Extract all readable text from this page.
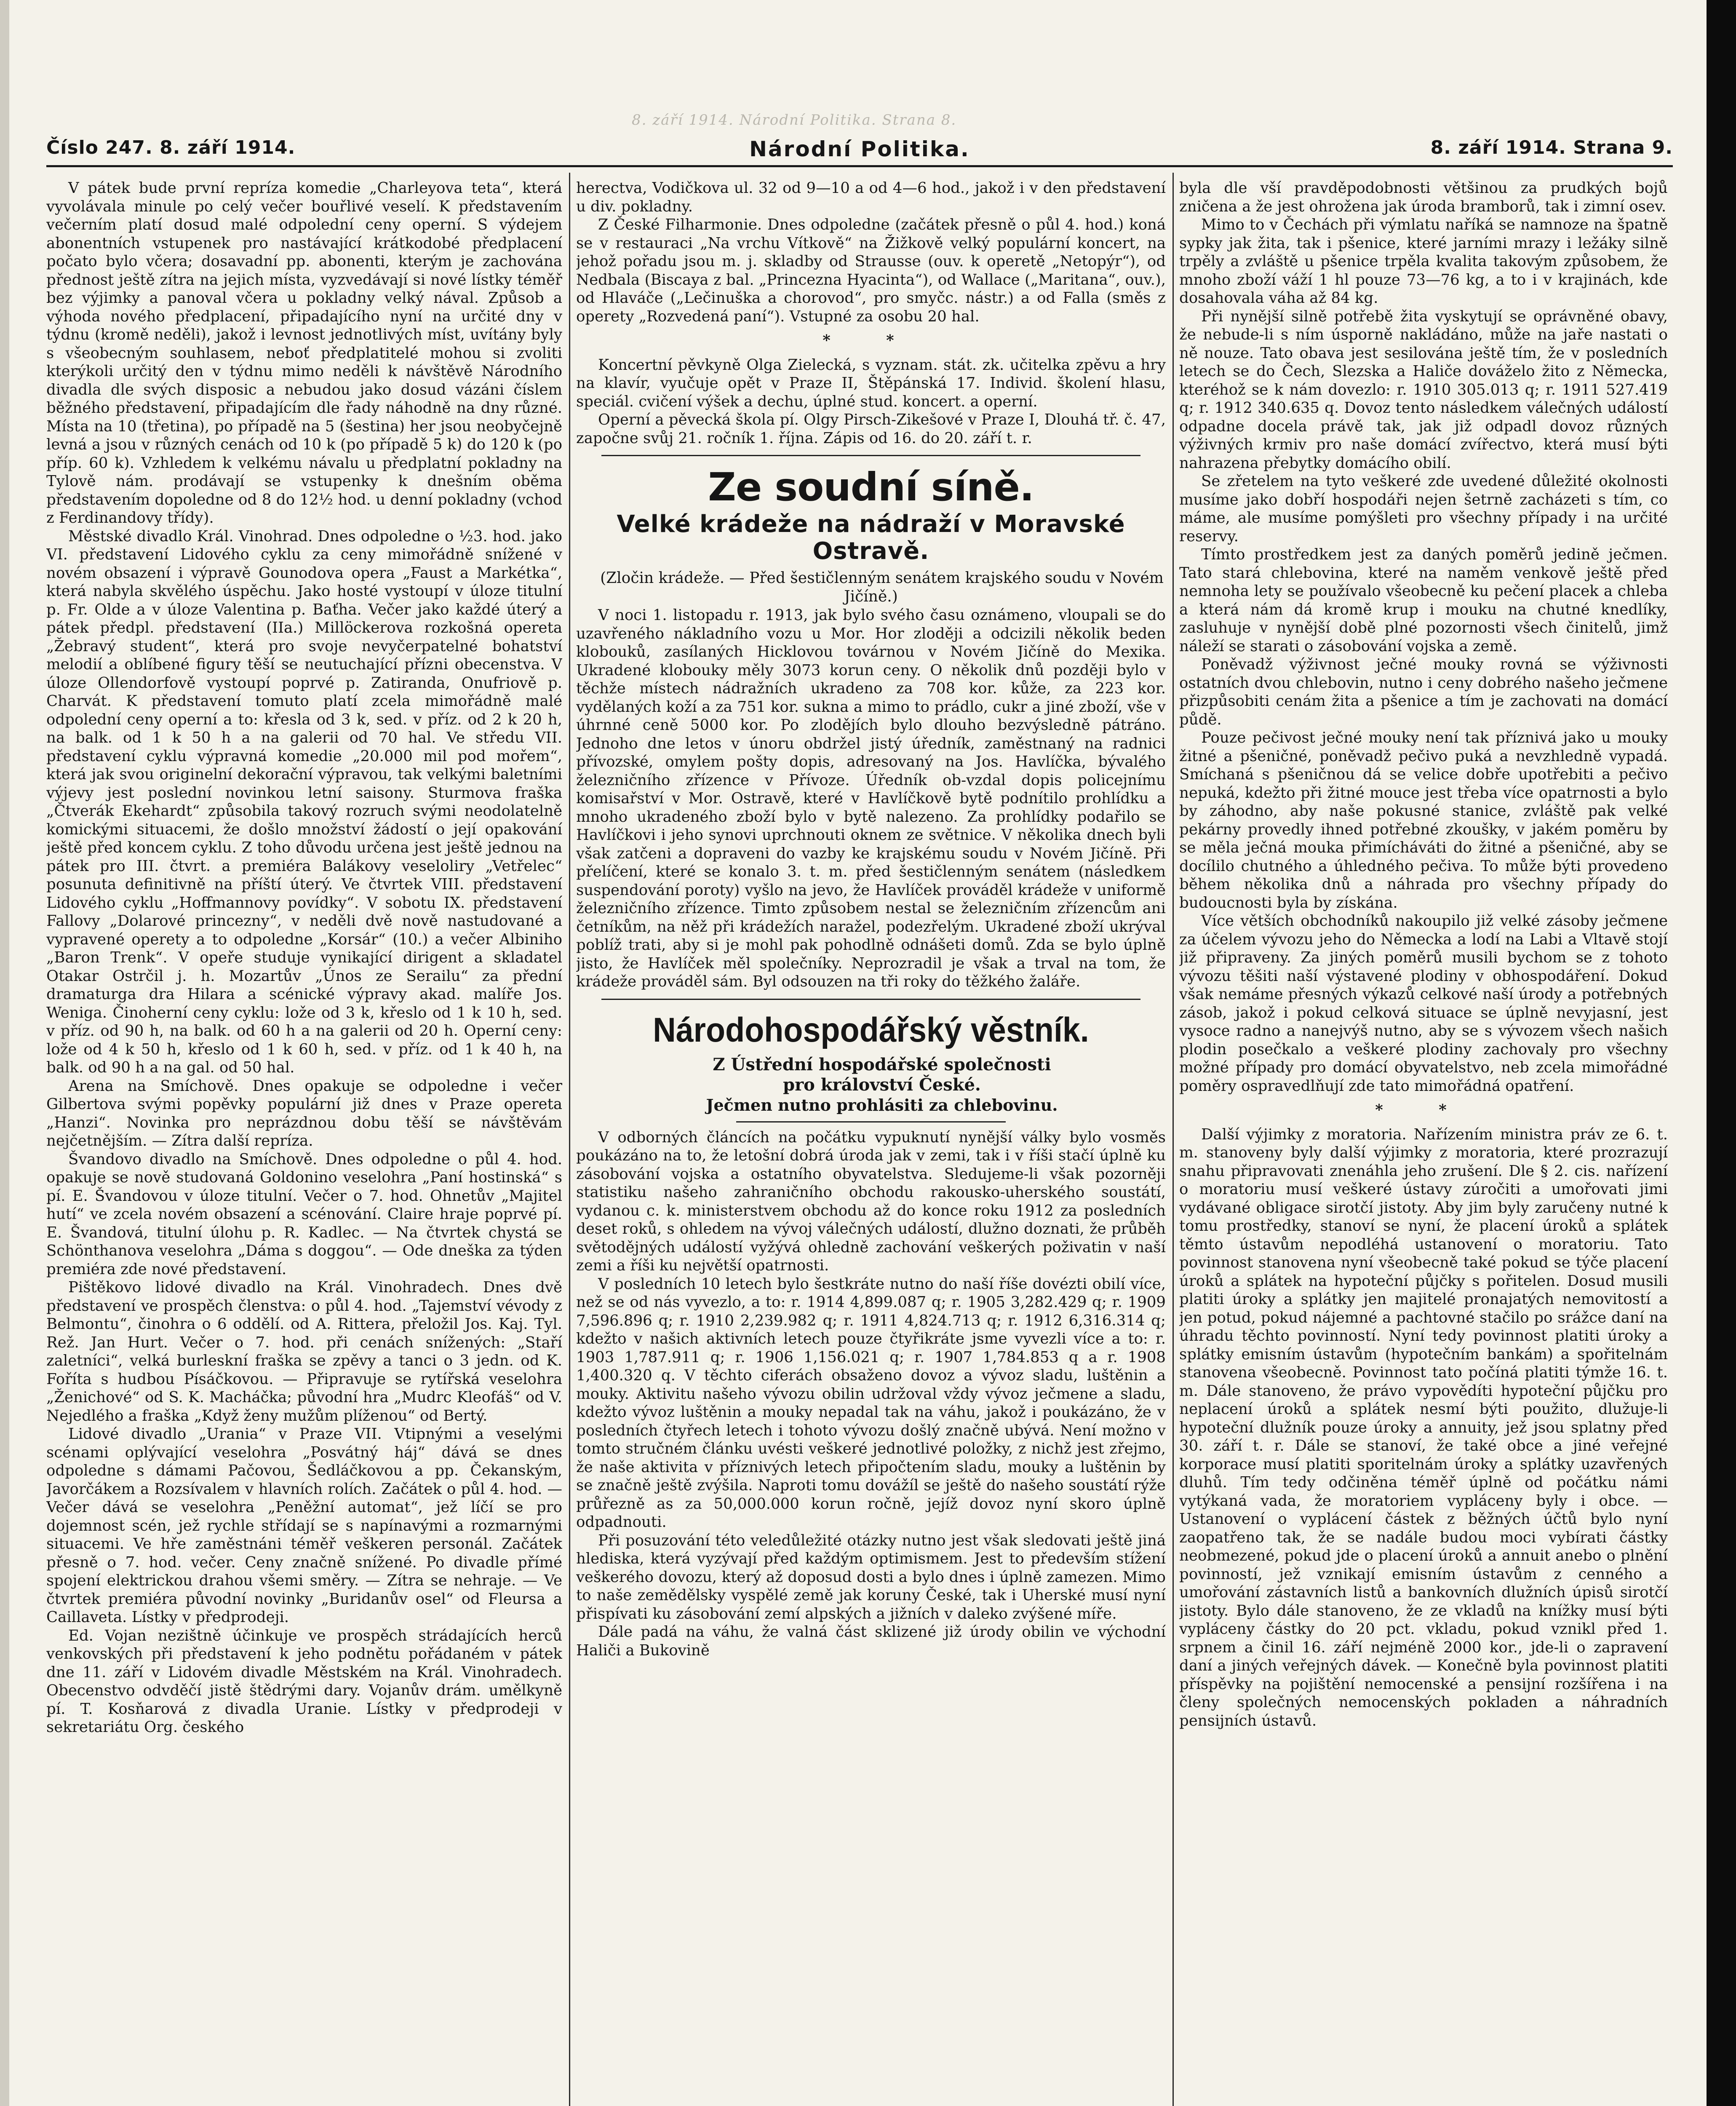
8. září 1914. Národní Politika. Strana 8.
Číslo 247. 8. září 1914.	Národní Politika.	8. září 1914. Strana 9.

V pátek bude první repríza komedie „Charleyova teta“, která vyvolávala minule po celý večer bouřlivé veselí. K představením večerním platí dosud malé odpolední ceny operní. S výdejem abonentních vstupenek pro nastávající krátkodobé předplacení počato bylo včera; dosavadní pp. abonenti, kterým je zachována přednost ještě zítra na jejich místa, vyzvedávají si nové lístky téměř bez výjimky a panoval včera u pokladny velký nával. Způsob a výhoda nového předplacení, připadajícího nyní na určité dny v týdnu (kromě neděli), jakož i levnost jednotlivých míst, uvítány byly s všeobecným souhlasem, neboť předplatitelé mohou si zvoliti kterýkoli určitý den v týdnu mimo neděli k návštěvě Národního divadla dle svých disposic a nebudou jako dosud vázáni číslem běžného představení, připadajícím dle řady náhodně na dny různé. Místa na 10 (třetina), po případě na 5 (šestina) her jsou neobyčejně levná a jsou v různých cenách od 10 k (po případě 5 k) do 120 k (po příp. 60 k). Vzhledem k velkému návalu u předplatní pokladny na Tylově nám. prodávají se vstupenky k dnešním oběma představením dopoledne od 8 do 12½ hod. u denní pokladny (vchod z Ferdinandovy třídy).

Městské divadlo Král. Vinohrad. Dnes odpoledne o ½3. hod. jako VI. představení Lidového cyklu za ceny mimořádně snížené v novém obsazení i výpravě Gounodova opera „Faust a Markétka“, která nabyla skvělého úspěchu. Jako hosté vystoupí v úloze titulní p. Fr. Olde a v úloze Valentina p. Baťha. Večer jako každé úterý a pátek předpl. představení (IIa.) Millöckerova rozkošná opereta „Žebravý student“, která pro svoje nevyčerpatelné bohatství melodií a oblíbené figury těší se neutuchající přízni obecenstva. V úloze Ollendorfově vystoupí poprvé p. Zatiranda, Onufriově p. Charvát. K představení tomuto platí zcela mimořádně malé odpolední ceny operní a to: křesla od 3 k, sed. v příz. od 2 k 20 h, na balk. od 1 k 50 h a na galerii od 70 hal. Ve středu VII. představení cyklu výpravná komedie „20.000 mil pod mořem“, která jak svou originelní dekorační výpravou, tak velkými baletními výjevy jest poslední novinkou letní saisony. Sturmova fraška „Čtverák Ekehardt“ způsobila takový rozruch svými neodolatelně komickými situacemi, že došlo množství žádostí o její opakování ještě před koncem cyklu. Z toho důvodu určena jest ještě jednou na pátek pro III. čtvrt. a premiéra Balákovy veseloliry „Vetřelec“ posunuta definitivně na příští úterý. Ve čtvrtek VIII. představení Lidového cyklu „Hoffmannovy povídky“. V sobotu IX. představení Fallovy „Dolarové princezny“, v neděli dvě nově nastudované a vypravené operety a to odpoledne „Korsár“ (10.) a večer Albiniho „Baron Trenk“. V opeře studuje vynikající dirigent a skladatel Otakar Ostrčil j. h. Mozartův „Únos ze Serailu“ za přední dramaturga dra Hilara a scénické výpravy akad. malíře Jos. Wenigа. Činoherní ceny cyklu: lože od 3 k, křeslo od 1 k 10 h, sed. v příz. od 90 h, na balk. od 60 h a na galerii od 20 h. Operní ceny: lože od 4 k 50 h, křeslo od 1 k 60 h, sed. v příz. od 1 k 40 h, na balk. od 90 h a na gal. od 50 hal.

Arena na Smíchově. Dnes opakuje se odpoledne i večer Gilbertova svými popěvky populární již dnes v Praze opereta „Hanzi“. Novinka pro neprázdnou dobu těší se návštěvám nejčetnějším. — Zítra další repríza.

Švandovo divadlo na Smíchově. Dnes odpoledne o půl 4. hod. opakuje se nově studovaná Goldonino veselohra „Paní hostinská“ s pí. E. Švandovou v úloze titulní. Večer o 7. hod. Ohnetův „Majitel hutí“ ve zcela novém obsazení a scénování. Claire hraje poprvé pí. E. Švandová, titulní úlohu p. R. Kadlec. — Na čtvrtek chystá se Schönthanova veselohra „Dáma s doggou“. — Ode dneška za týden premiéra zde nové představení.

Pištěkovo lidové divadlo na Král. Vinohradech. Dnes dvě představení ve prospěch členstva: o půl 4. hod. „Tajemství vévody z Belmontu“, činohra o 6 oddělí. od A. Rittera, přeložil Jos. Kaj. Tyl. Rež. Jan Hurt. Večer o 7. hod. při cenách snížených: „Staří zaletníci“, velká burleskní fraška se zpěvy a tanci o 3 jedn. od K. Foříta s hudbou Písáčkovou. — Připravuje se rytířská veselohra „Ženichové“ od S. K. Macháčka; původní hra „Mudrc Kleofáš“ od V. Nejedlého a fraška „Když ženy mužům plíženou“ od Bertý.

Lidové divadlo „Urania“ v Praze VII. Vtipnými a veselými scénami oplývající veselohra „Posvátný háj“ dává se dnes odpoledne s dámami Pačovou, Šedláčkovou a pp. Čekanským, Javorčákem a Rozsívalem v hlavních rolích. Začátek o půl 4. hod. — Večer dává se veselohra „Peněžní automat“, jež líčí se pro dojemnost scén, jež rychle střídají se s napínavými a rozmarnými situacemi. Ve hře zaměstnáni téměř veškeren personál. Začátek přesně o 7. hod. večer. Ceny značně snížené. Po divadle přímé spojení elektrickou drahou všemi směry. — Zítra se nehraje. — Ve čtvrtek premiéra původní novinky „Buridanův osel“ od Fleursa a Caillaveta. Lístky v předprodeji.

Ed. Vojan nezištně účinkuje ve prospěch strádajících herců venkovských při představení k jeho podnětu pořádaném v pátek dne 11. září v Lidovém divadle Městském na Král. Vinohradech. Obecenstvo odvděčí jistě štědrými dary. Vojanův drám. umělkyně pí. T. Kosňarová z divadla Uranie. Lístky v předprodeji v sekretariátu Org. českého

herectva, Vodičkova ul. 32 od 9—10 a od 4—6 hod., jakož i v den představení u div. pokladny.

Z České Filharmonie. Dnes odpoledne (začátek přesně o půl 4. hod.) koná se v restauraci „Na vrchu Vítkově“ na Žižkově velký populární koncert, na jehož pořadu jsou m. j. skladby od Strausse (ouv. k operetě „Netopýr“), od Nedbala (Biscaya z bal. „Princezna Hyacinta“), od Wallace („Maritana“, ouv.), od Hlaváče („Lečinuška a chorovod“, pro smyčc. nástr.) a od Falla (směs z operety „Rozvedená paní“). Vstupné za osobu 20 hal.

* *

Koncertní pěvkyně Olga Zielecká, s vyznam. stát. zk. učitelka zpěvu a hry na klavír, vyučuje opět v Praze II, Štěpánská 17. Individ. školení hlasu, speciál. cvičení výšek a dechu, úplné stud. koncert. a operní.

Operní a pěvecká škola pí. Olgy Pirsch-Zikešové v Praze I, Dlouhá tř. č. 47, započne svůj 21. ročník 1. října. Zápis od 16. do 20. září t. r.

Ze soudní síně.
Velké krádeže na nádraží v Moravské Ostravě.

(Zločin krádeže. — Před šestičlenným senátem krajského soudu v Novém Jičíně.)

V noci 1. listopadu r. 1913, jak bylo svého času oznámeno, vloupali se do uzavřeného nákladního vozu u Mor. Hor zloději a odcizili několik beden klobouků, zasílaných Hicklovou továrnou v Novém Jičíně do Mexika. Ukradené klobouky měly 3073 korun ceny. O několik dnů později bylo v těchže místech nádražních ukradeno za 708 kor. kůže, za 223 kor. vydělaných koží a za 751 kor. sukna a mimo to prádlo, cukr a jiné zboží, vše v úhrnné ceně 5000 kor. Po zlodějích bylo dlouho bezvýsledně pátráno. Jednoho dne letos v únoru obdržel jistý úředník, zaměstnaný na radnici přívozské, omylem pošty dopis, adresovaný na Jos. Havlíčka, bývalého železničního zřízence v Přívoze. Úředník ob-vzdal dopis policejnímu komisařství v Mor. Ostravě, které v Havlíčkově bytě podnítilo prohlídku a mnoho ukradeného zboží bylo v bytě nalezeno. Za prohlídky podařilo se Havlíčkovi i jeho synovi uprchnouti oknem ze světnice. V několika dnech byli však zatčeni a dopraveni do vazby ke krajskému soudu v Novém Jičíně. Při přelíčení, které se konalo 3. t. m. před šestičlenným senátem (následkem suspendování poroty) vyšlo na jevo, že Havlíček prováděl krádeže v uniformě železničního zřízence. Timto způsobem nestal se železničním zřízencům ani četníkům, na něž při krádežích naražel, podezřelým. Ukradené zboží ukrýval poblíž trati, aby si je mohl pak pohodlně odnášeti domů. Zda se bylo úplně jisto, že Havlíček měl společníky. Neprozradil je však a trval na tom, že krádeže prováděl sám. Byl odsouzen na tři roky do těžkého žaláře.

Národohospodářský věstník.

Z Ústřední hospodářské společnosti

pro království České.

Ječmen nutno prohlásiti za chlebovinu.

V odborných článcích na počátku vypuknutí nynější války bylo vosměs poukázáno na to, že letošní dobrá úroda jak v zemi, tak i v říši stačí úplně ku zásobování vojska a ostatního obyvatelstva. Sledujeme-li však pozorněji statistiku našeho zahraničního obchodu rakousko-uherského soustátí, vydanou c. k. ministerstvem obchodu až do konce roku 1912 za posledních deset roků, s ohledem na vývoj válečných událostí, dlužno doznati, že průběh světodějných událostí vyžývá ohledně zachování veškerých poživatin v naší zemi a říši ku největší opatrnosti.

V posledních 10 letech bylo šestkráte nutno do naší říše dovézti obilí více, než se od nás vyvezlo, a to: r. 1914 4,899.087 q; r. 1905 3,282.429 q; r. 1909 7,596.896 q; r. 1910 2,239.982 q; r. 1911 4,824.713 q; r. 1912 6,316.314 q; kdežto v našich aktivních letech pouze čtyřikráte jsme vyvezli více a to: r. 1903 1,787.911 q; r. 1906 1,156.021 q; r. 1907 1,784.853 q a r. 1908 1,400.320 q. V těchto ciferách obsaženo dovoz a vývoz sladu, luštěnin a mouky. Aktivitu našeho vývozu obilin udržoval vždy vývoz ječmene a sladu, kdežto vývoz luštěnin a mouky nepadal tak na váhu, jakož i poukázáno, že v posledních čtyřech letech i tohoto vývozu došlý značně ubývá. Není možno v tomto stručném článku uvésti veškeré jednotlivé položky, z nichž jest zřejmo, že naše aktivita v příznivých letech připočtením sladu, mouky a luštěnin by se značně ještě zvýšila. Naproti tomu dovážíl se ještě do našeho soustátí rýže průřezně as za 50,000.000 korun ročně, jejíž dovoz nyní skoro úplně odpadnouti.

Při posuzování této veledůležité otázky nutno jest však sledovati ještě jiná hlediska, která vyzývají před každým optimismem. Jest to především stížení veškerého dovozu, který až doposud dosti a bylo dnes i úplně zamezen. Mimo to naše zemědělsky vyspělé země jak koruny České, tak i Uherské musí nyní přispívati ku zásobování zemí alpských a jižních v daleko zvýšené míře.

Dále padá na váhu, že valná část sklizené již úrody obilin ve východní Haliči a Bukovině

byla dle vší pravděpodobnosti většinou za prudkých bojů zničena a že jest ohrožena jak úroda bramborů, tak i zimní osev.

Mimo to v Čechách při výmlatu naříká se namnoze na špatně sypky jak žita, tak i pšenice, které jarními mrazy i ležáky silně trpěly a zvláště u pšenice trpěla kvalita takovým způsobem, že mnoho zboží váží 1 hl pouze 73—76 kg, a to i v krajinách, kde dosahovala váha až 84 kg.

Při nynější silně potřebě žita vyskytují se oprávněné obavy, že nebude-li s ním úsporně nakládáno, může na jaře nastati o ně nouze. Tato obava jest sesilována ještě tím, že v posledních letech se do Čech, Slezska a Haliče dováželo žito z Německa, kteréhož se k nám dovezlo: r. 1910 305.013 q; r. 1911 527.419 q; r. 1912 340.635 q. Dovoz tento následkem válečných událostí odpadne docela právě tak, jak již odpadl dovoz různých výživných krmiv pro naše domácí zvířectvo, která musí býti nahrazena přebytky domácího obilí.

Se zřetelem na tyto veškeré zde uvedené důležité okolnosti musíme jako dobří hospodáři nejen šetrně zacházeti s tím, co máme, ale musíme pomýšleti pro všechny případy i na určité reservy.

Tímto prostředkem jest za daných poměrů jedině ječmen. Tato stará chlebovina, které na naměm venkově ještě před nemnoha lety se používalo všeobecně ku pečení placek a chleba a která nám dá kromě krup i mouku na chutné knedlíky, zasluhuje v nynější době plné pozornosti všech činitelů, jimž náleží se starati o zásobování vojska a země.

Poněvadž výživnost ječné mouky rovná se výživnosti ostatních dvou chlebovin, nutno i ceny dobrého našeho ječmene přizpůsobiti cenám žita a pšenice a tím je zachovati na domácí půdě.

Pouze pečivost ječné mouky není tak příznivá jako u mouky žitné a pšeničné, poněvadž pečivo puká a nevzhledně vypadá. Smíchaná s pšeničnou dá se velice dobře upotřebiti a pečivo nepuká, kdežto při žitné mouce jest třeba více opatrnosti a bylo by záhodno, aby naše pokusné stanice, zvláště pak velké pekárny provedly ihned potřebné zkoušky, v jakém poměru by se měla ječná mouka přimícháváti do žitné a pšeničné, aby se docílilo chutného a úhledného pečiva. To může býti provedeno během několika dnů a náhrada pro všechny případy do budoucnosti byla by získána.

Více větších obchodníků nakoupilo již velké zásoby ječmene za účelem vývozu jeho do Německa a lodí na Labi a Vltavě stojí již připraveny. Za jiných poměrů musili bychom se z tohoto vývozu těšiti naší výstavené plodiny v obhospodáření. Dokud však nemáme přesných výkazů celkové naší úrody a potřebných zásob, jakož i pokud celková situace se úplně nevyjasní, jest vysoce radno a nanejvýš nutno, aby se s vývozem všech našich plodin posečkalo a veškeré plodiny zachovaly pro všechny možné případy pro domácí obyvatelstvo, neb zcela mimořádné poměry ospravedlňují zde tato mimořádná opatření.

* *

Další výjimky z moratoria. Nařízením ministra práv ze 6. t. m. stanoveny byly další výjimky z moratoria, které prozrazují snahu připravovati znenáhla jeho zrušení. Dle § 2. cis. nařízení o moratoriu musí veškeré ústavy zúročiti a umořovati jimi vydávané obligace sirotčí jistoty. Aby jim byly zaručeny nutné k tomu prostředky, stanoví se nyní, že placení úroků a splátek těmto ústavům nepodléhá ustanovení o moratoriu. Tato povinnost stanovena nyní všeobecně také pokud se týče placení úroků a splátek na hypoteční půjčky s pořitelen. Dosud musili platiti úroky a splátky jen majitelé pronajatých nemovitostí a jen potud, pokud nájemné a pachtovné stačilo po srážce daní na úhradu těchto povinností. Nyní tedy povinnost platiti úroky a splátky emisním ústavům (hypotečním bankám) a spořitelnám stanovena všeobecně. Povinnost tato počíná platiti týmže 16. t. m. Dále stanoveno, že právo vypovědíti hypoteční půjčku pro neplacení úroků a splátek nesmí býti použito, dlužuje-li hypoteční dlužník pouze úroky a annuity, jež jsou splatny před 30. září t. r. Dále se stanoví, že také obce a jiné veřejné korporace musí platiti sporitelnám úroky a splátky uzavřených dluhů. Tím tedy odčiněna téměř úplně od počátku námi vytýkaná vada, že moratoriem vypláceny byly i obce. — Ustanovení o vyplácení částek z běžných účtů bylo nyní zaopatřeno tak, že se nadále budou moci vybírati částky neobmezené, pokud jde o placení úroků a annuit anebo o plnění povinností, jež vznikají emisním ústavům z cenného a umořování zástavních listů a bankovních dlužních úpisů sirotčí jistoty. Bylo dále stanoveno, že ze vkladů na knížky musí býti vypláceny částky do 20 pct. vkladu, pokud vznikl před 1. srpnem a činil 16. září nejméně 2000 kor., jde-li o zapravení daní a jiných veřejných dávek. — Konečně byla povinnost platiti příspěvky na pojištění nemocenské a pensijní rozšířena i na členy společných nemocenských pokladen a náhradních pensijních ústavů.
